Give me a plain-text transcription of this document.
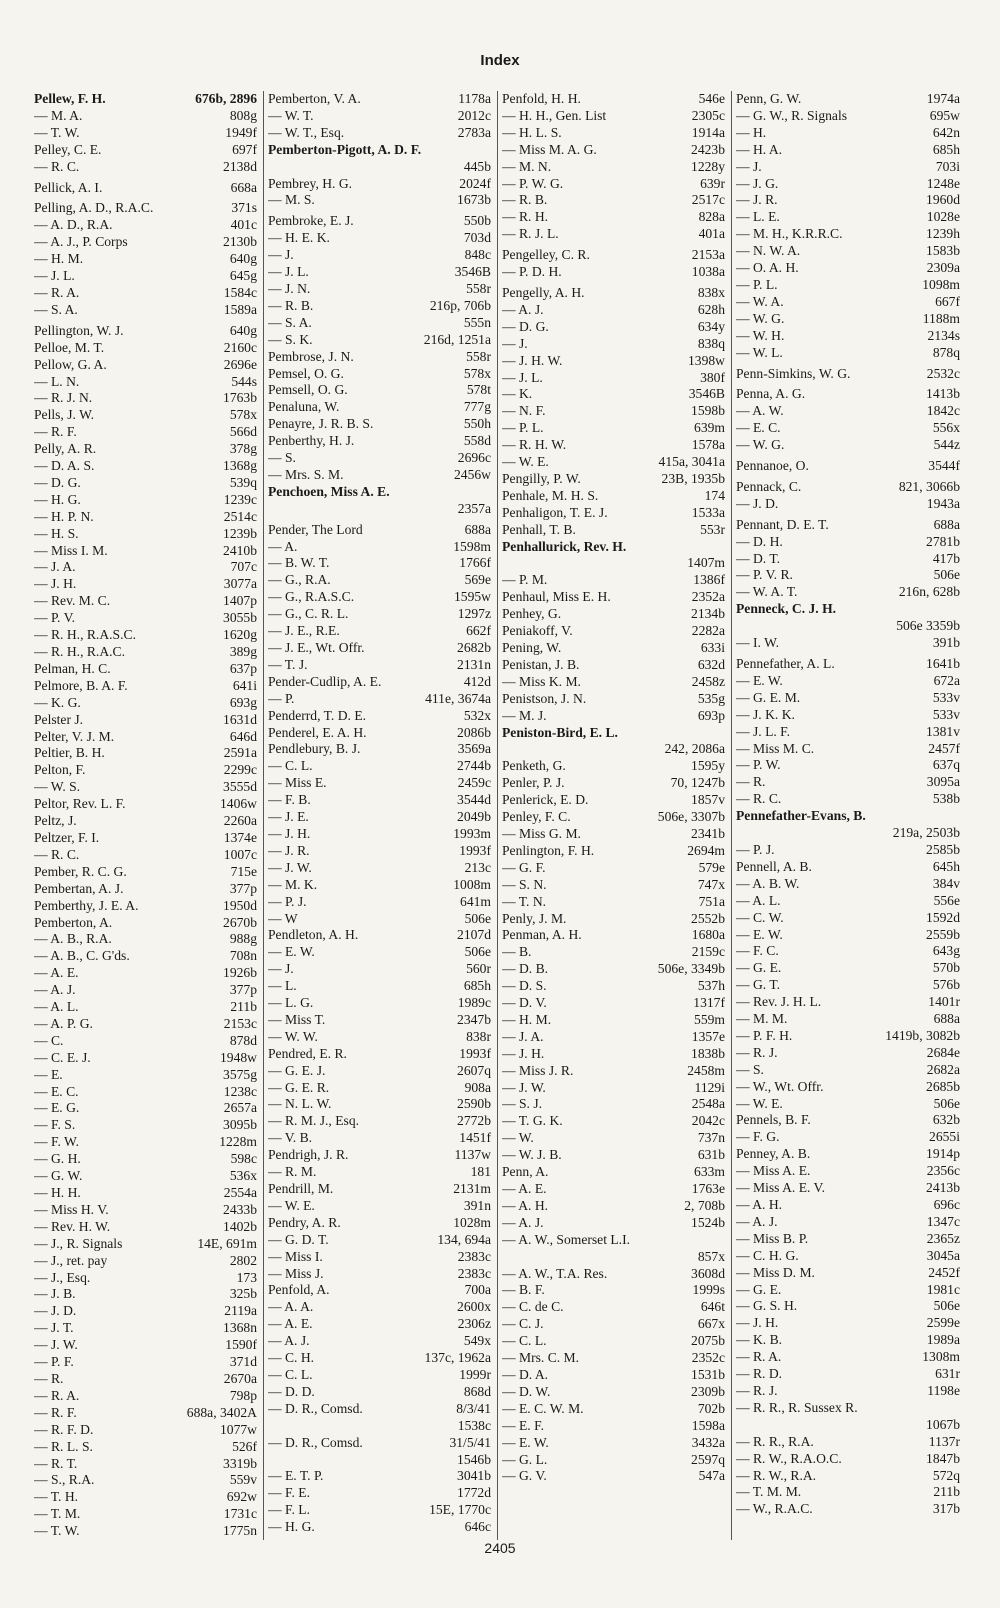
Index
Pellew, F. H.	676b, 2896
— M. A.	808g
— T. W.	1949f
Pelley, C. E.	697f
— R. C.	2138d
Pellick, A. I.	668a
Pelling, A. D., R.A.C.	371s
— A. D., R.A.	401c
— A. J., P. Corps	2130b
— H. M.	640g
— J. L.	645g
— R. A.	1584c
— S. A.	1589a
Pellington, W. J.	640g
Pelloe, M. T.	2160c
Pellow, G. A.	2696e
— L. N.	544s
— R. J. N.	1763b
Pells, J. W.	578x
— R. F.	566d
Pelly, A. R.	378g
— D. A. S.	1368g
— D. G.	539q
— H. G.	1239c
— H. P. N.	2514c
— H. S.	1239b
— Miss I. M.	2410b
— J. A.	707c
— J. H.	3077a
— Rev. M. C.	1407p
— P. V.	3055b
— R. H., R.A.S.C.	1620g
— R. H., R.A.C.	389g
Pelman, H. C.	637p
Pelmore, B. A. F.	641i
— K. G.	693g
Pelster J.	1631d
Pelter, V. J. M.	646d
Peltier, B. H.	2591a
Pelton, F.	2299c
— W. S.	3555d
Peltor, Rev. L. F.	1406w
Peltz, J.	2260a
Peltzer, F. I.	1374e
— R. C.	1007c
Pember, R. C. G.	715e
Pembertan, A. J.	377p
Pemberthy, J. E. A.	1950d
Pemberton, A.	2670b
— A. B., R.A.	988g
— A. B., C. G'ds.	708n
— A. E.	1926b
— A. J.	377p
— A. L.	211b
— A. P. G.	2153c
— C.	878d
— C. E. J.	1948w
— E.	3575g
— E. C.	1238c
— E. G.	2657a
— F. S.	3095b
— F. W.	1228m
— G. H.	598c
— G. W.	536x
— H. H.	2554a
— Miss H. V.	2433b
— Rev. H. W.	1402b
— J., R. Signals	14E, 691m
— J., ret. pay	2802
— J., Esq.	173
— J. B.	325b
— J. D.	2119a
— J. T.	1368n
— J. W.	1590f
— P. F.	371d
— R.	2670a
— R. A.	798p
— R. F.	688a, 3402A
— R. F. D.	1077w
— R. L. S.	526f
— R. T.	3319b
— S., R.A.	559v
— T. H.	692w
— T. M.	1731c
— T. W.	1775n
Pemberton, V. A.	1178a
— W. T.	2012c
— W. T., Esq.	2783a
Pemberton-Pigott, A. D. F.
445b
Pembrey, H. G.	2024f
— M. S.	1673b
Pembroke, E. J.	550b
— H. E. K.	703d
— J.	848c
— J. L.	3546B
— J. N.	558r
— R. B.	216p, 706b
— S. A.	555n
— S. K.	216d, 1251a
Pembrose, J. N.	558r
Pemsel, O. G.	578x
Pemsell, O. G.	578t
Penaluna, W.	777g
Penayre, J. R. B. S.	550h
Penberthy, H. J.	558d
— S.	2696c
— Mrs. S. M.	2456w
Penchoen, Miss A. E.
2357a
Pender, The Lord	688a
— A.	1598m
— B. W. T.	1766f
— G., R.A.	569e
— G., R.A.S.C.	1595w
— G., C. R. L.	1297z
— J. E., R.E.	662f
— J. E., Wt. Offr.	2682b
— T. J.	2131n
Pender-Cudlip, A. E.	412d
— P.	411e, 3674a
Penderrd, T. D. E.	532x
Penderel, E. A. H.	2086b
Pendlebury, B. J.	3569a
— C. L.	2744b
— Miss E.	2459c
— F. B.	3544d
— J. E.	2049b
— J. H.	1993m
— J. R.	1993f
— J. W.	213c
— M. K.	1008m
— P. J.	641m
— W	506e
Pendleton, A. H.	2107d
— E. W.	506e
— J.	560r
— L.	685h
— L. G.	1989c
— Miss T.	2347b
— W. W.	838r
Pendred, E. R.	1993f
— G. E. J.	2607q
— G. E. R.	908a
— N. L. W.	2590b
— R. M. J., Esq.	2772b
— V. B.	1451f
Pendrigh, J. R.	1137w
— R. M.	181
Pendrill, M.	2131m
— W. E.	391n
Pendry, A. R.	1028m
— G. D. T.	134, 694a
— Miss I.	2383c
— Miss J.	2383c
Penfold, A.	700a
— A. A.	2600x
— A. E.	2306z
— A. J.	549x
— C. H.	137c, 1962a
— C. L.	1999r
— D. D.	868d
— D. R., Comsd.	8/3/41
1538c
— D. R., Comsd.	31/5/41
1546b
— E. T. P.	3041b
— F. E.	1772d
— F. L.	15E, 1770c
— H. G.	646c
Penfold, H. H.	546e
— H. H., Gen. List	2305c
— H. L. S.	1914a
— Miss M. A. G.	2423b
— M. N.	1228y
— P. W. G.	639r
— R. B.	2517c
— R. H.	828a
— R. J. L.	401a
Pengelley, C. R.	2153a
— P. D. H.	1038a
Pengelly, A. H.	838x
— A. J.	628h
— D. G.	634y
— J.	838q
— J. H. W.	1398w
— J. L.	380f
— K.	3546B
— N. F.	1598b
— P. L.	639m
— R. H. W.	1578a
— W. E.	415a, 3041a
Pengilly, P. W.	23B, 1935b
Penhale, M. H. S.	174
Penhaligon, T. E. J.	1533a
Penhall, T. B.	553r
Penhallurick, Rev. H.
1407m
— P. M.	1386f
Penhaul, Miss E. H.	2352a
Penhey, G.	2134b
Peniakoff, V.	2282a
Pening, W.	633i
Penistan, J. B.	632d
— Miss K. M.	2458z
Penistson, J. N.	535g
— M. J.	693p
Peniston-Bird, E. L.
242, 2086a
Penketh, G.	1595y
Penler, P. J.	70, 1247b
Penlerick, E. D.	1857v
Penley, F. C.	506e, 3307b
— Miss G. M.	2341b
Penlington, F. H.	2694m
— G. F.	579e
— S. N.	747x
— T. N.	751a
Penly, J. M.	2552b
Penman, A. H.	1680a
— B.	2159c
— D. B.	506e, 3349b
— D. S.	537h
— D. V.	1317f
— H. M.	559m
— J. A.	1357e
— J. H.	1838b
— Miss J. R.	2458m
— J. W.	1129i
— S. J.	2548a
— T. G. K.	2042c
— W.	737n
— W. J. B.	631b
Penn, A.	633m
— A. E.	1763e
— A. H.	2, 708b
— A. J.	1524b
— A. W., Somerset L.I.
857x
— A. W., T.A. Res.	3608d
— B. F.	1999s
— C. de C.	646t
— C. J.	667x
— C. L.	2075b
— Mrs. C. M.	2352c
— D. A.	1531b
— D. W.	2309b
— E. C. W. M.	702b
— E. F.	1598a
— E. W.	3432a
— G. L.	2597q
— G. V.	547a
Penn, G. W.	1974a
— G. W., R. Signals	695w
— H.	642n
— H. A.	685h
— J.	703i
— J. G.	1248e
— J. R.	1960d
— L. E.	1028e
— M. H., K.R.R.C.	1239h
— N. W. A.	1583b
— O. A. H.	2309a
— P. L.	1098m
— W. A.	667f
— W. G.	1188m
— W. H.	2134s
— W. L.	878q
Penn-Simkins, W. G.	2532c
Penna, A. G.	1413b
— A. W.	1842c
— E. C.	556x
— W. G.	544z
Pennanoe, O.	3544f
Pennack, C.	821, 3066b
— J. D.	1943a
Pennant, D. E. T.	688a
— D. H.	2781b
— D. T.	417b
— P. V. R.	506e
— W. A. T.	216n, 628b
Penneck, C. J. H.
506e 3359b
— I. W.	391b
Pennefather, A. L.	1641b
— E. W.	672a
— G. E. M.	533v
— J. K. K.	533v
— J. L. F.	1381v
— Miss M. C.	2457f
— P. W.	637q
— R.	3095a
— R. C.	538b
Pennefather-Evans, B.
219a, 2503b
— P. J.	2585b
Pennell, A. B.	645h
— A. B. W.	384v
— A. L.	556e
— C. W.	1592d
— E. W.	2559b
— F. C.	643g
— G. E.	570b
— G. T.	576b
— Rev. J. H. L.	1401r
— M. M.	688a
— P. F. H.	1419b, 3082b
— R. J.	2684e
— S.	2682a
— W., Wt. Offr.	2685b
— W. E.	506e
Pennels, B. F.	632b
— F. G.	2655i
Penney, A. B.	1914p
— Miss A. E.	2356c
— Miss A. E. V.	2413b
— A. H.	696c
— A. J.	1347c
— Miss B. P.	2365z
— C. H. G.	3045a
— Miss D. M.	2452f
— G. E.	1981c
— G. S. H.	506e
— J. H.	2599e
— K. B.	1989a
— R. A.	1308m
— R. D.	631r
— R. J.	1198e
— R. R., R. Sussex R.
1067b
— R. R., R.A.	1137r
— R. W., R.A.O.C.	1847b
— R. W., R.A.	572q
— T. M. M.	211b
— W., R.A.C.	317b
2405
